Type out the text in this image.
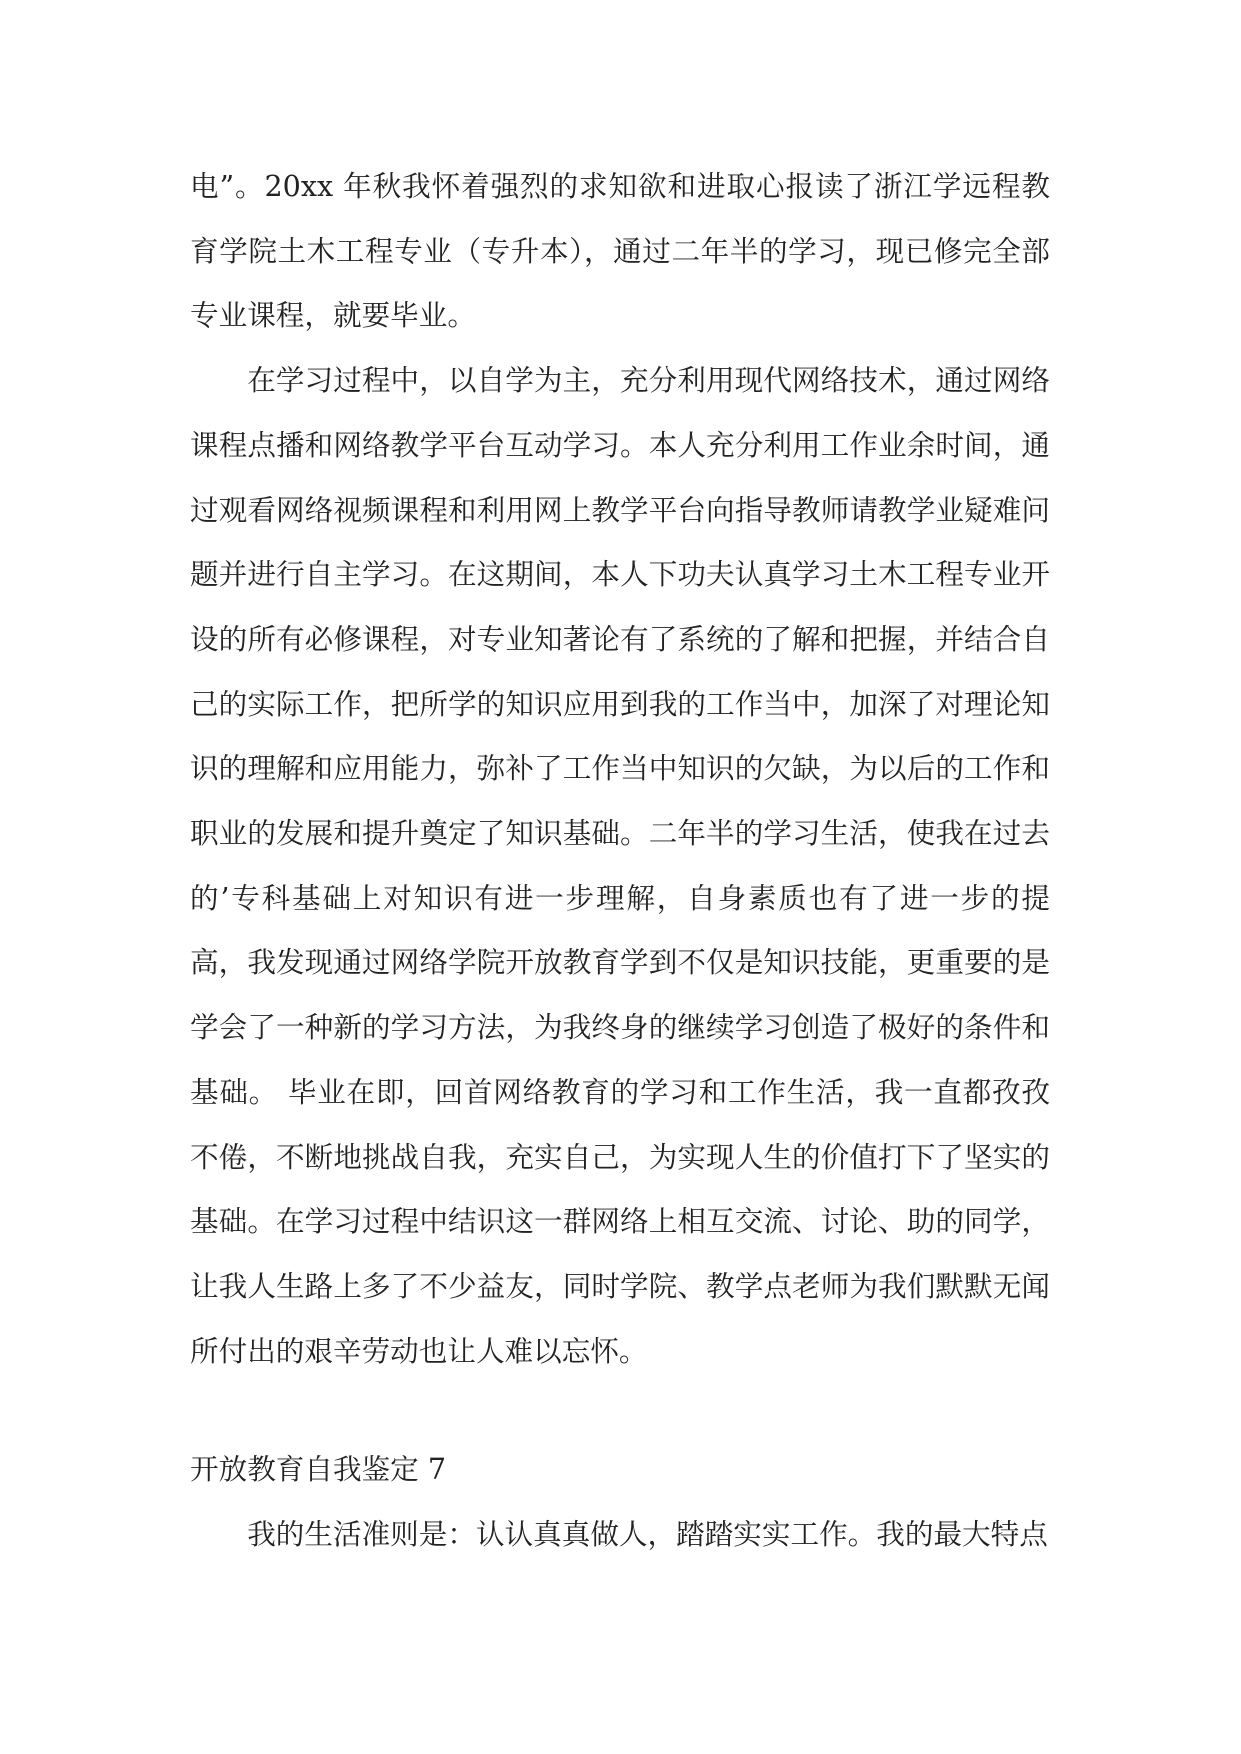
电”。20xx 年秋我怀着强烈的求知欲和进取心报读了浙江学远程教育学院土木工程专业（专升本），通过二年半的学习，现已修完全部专业课程，就要毕业。

在学习过程中，以自学为主，充分利用现代网络技术，通过网络课程点播和网络教学平台互动学习。本人充分利用工作业余时间，通过观看网络视频课程和利用网上教学平台向指导教师请教学业疑难问题并进行自主学习。在这期间，本人下功夫认真学习土木工程专业开设的所有必修课程，对专业知著论有了系统的了解和把握，并结合自己的实际工作，把所学的知识应用到我的工作当中，加深了对理论知识的理解和应用能力，弥补了工作当中知识的欠缺，为以后的工作和职业的发展和提升奠定了知识基础。二年半的学习生活，使我在过去的’专科基础上对知识有进一步理解，自身素质也有了进一步的提高，我发现通过网络学院开放教育学到不仅是知识技能，更重要的是学会了一种新的学习方法，为我终身的继续学习创造了极好的条件和基础。 毕业在即，回首网络教育的学习和工作生活，我一直都孜孜不倦，不断地挑战自我，充实自己，为实现人生的价值打下了坚实的基础。在学习过程中结识这一群网络上相互交流、讨论、助的同学，让我人生路上多了不少益友，同时学院、教学点老师为我们默默无闻所付出的艰辛劳动也让人难以忘怀。

开放教育自我鉴定 7

我的生活准则是：认认真真做人，踏踏实实工作。我的最大特点
